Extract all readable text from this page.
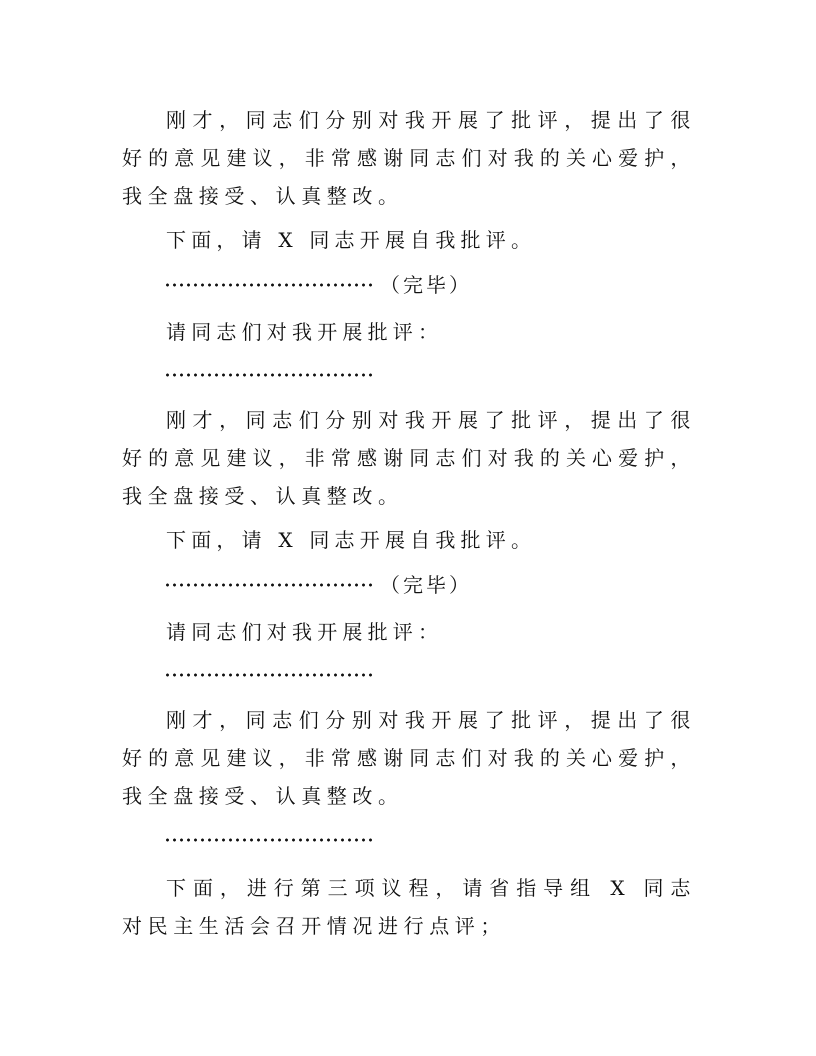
刚才，同志们分别对我开展了批评，提出了很好的意见建议，非常感谢同志们对我的关心爱护，我全盘接受、认真整改。

下面，请 X 同志开展自我批评。

（完毕）

请同志们对我开展批评：

刚才，同志们分别对我开展了批评，提出了很好的意见建议，非常感谢同志们对我的关心爱护，我全盘接受、认真整改。

下面，请 X 同志开展自我批评。

（完毕）

请同志们对我开展批评：

刚才，同志们分别对我开展了批评，提出了很好的意见建议，非常感谢同志们对我的关心爱护，我全盘接受、认真整改。

下面，进行第三项议程，请省指导组 X 同志对民主生活会召开情况进行点评；
